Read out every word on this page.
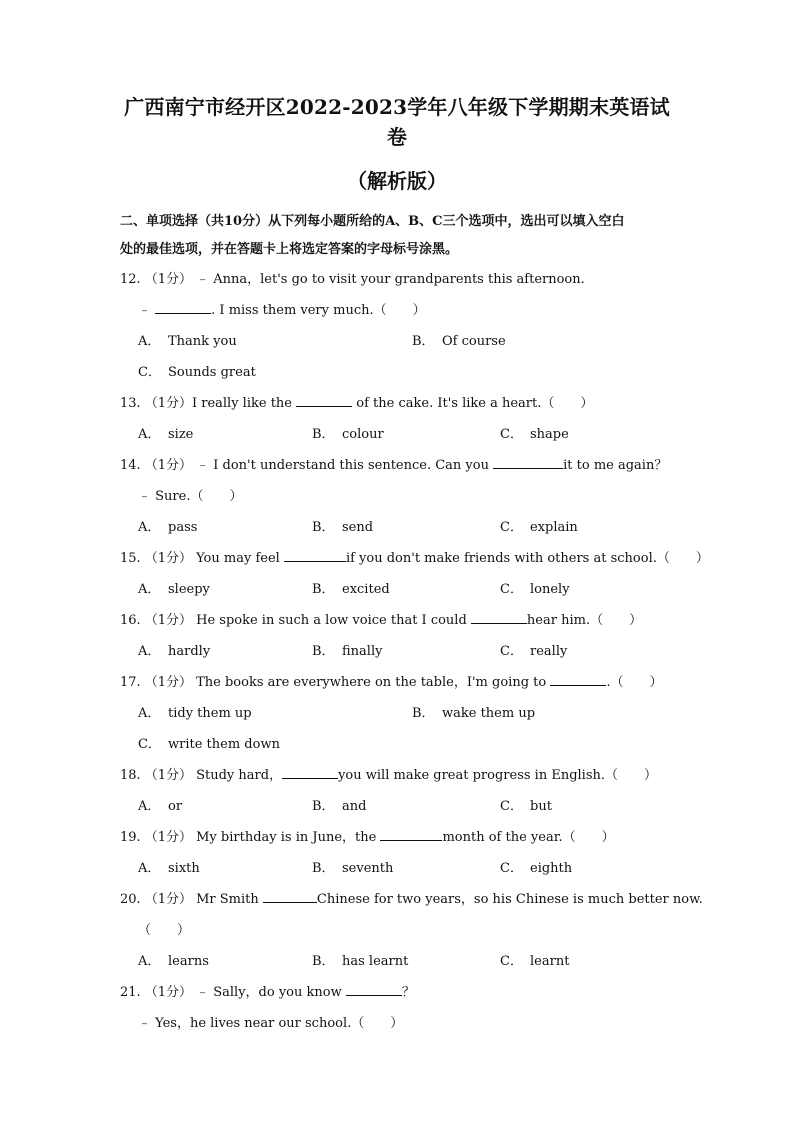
广西南宁市经开区2022-2023学年八年级下学期期末英语试卷
（解析版）
二、单项选择（共10分）从下列每小题所给的A、B、C三个选项中，选出可以填入空白
处的最佳选项，并在答题卡上将选定答案的字母标号涂黑。
12. （1分） ﹣ Anna，let's go to visit your grandparents this afternoon.
﹣	. I miss them very much.（　　）
A． Thank you	B． Of course
C． Sounds great
13. （1分）I really like the	of the cake. It's like a heart.（　　）
A． size	B． colour	C． shape
14. （1分） ﹣ I don't understand this sentence. Can you	it to me again？
﹣ Sure.（　　）
A． pass	B． send	C． explain
15. （1分） You may feel	if you don't make friends with others at school.（　　）
A． sleepy	B． excited	C． lonely
16. （1分） He spoke in such a low voice that I could	hear him.（　　）
A． hardly	B． finally	C． really
17. （1分） The books are everywhere on the table，I'm going to	.（　　）
A． tidy them up	B． wake them up
C． write them down
18. （1分） Study hard，	you will make great progress in English.（　　）
A． or	B． and	C． but
19. （1分） My birthday is in June，the	month of the year.（　　）
A． sixth	B． seventh	C． eighth
20. （1分） Mr Smith	Chinese for two years，so his Chinese is much better now.
（　　）
A． learns	B． has learnt	C． learnt
21. （1分） ﹣ Sally，do you know	？
﹣ Yes，he lives near our school.（　　）
